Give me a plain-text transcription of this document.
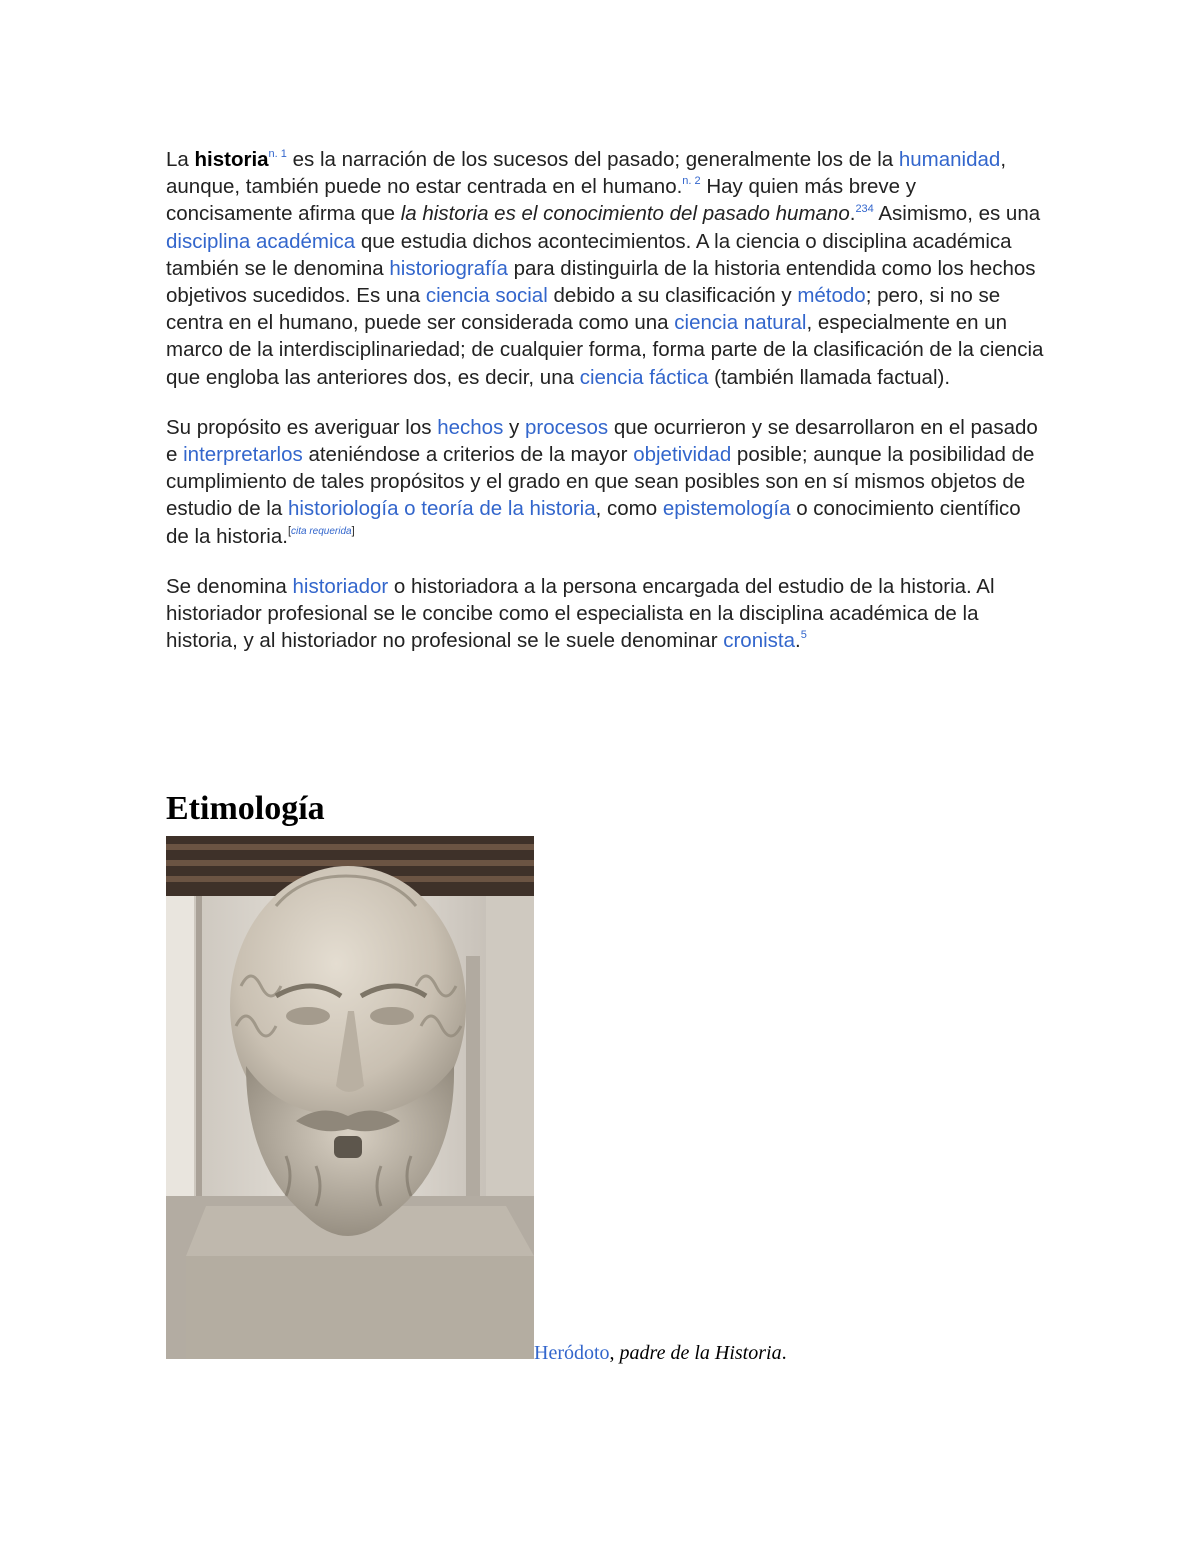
La historia$^{n. 1}$ es la narración de los sucesos del pasado; generalmente los de la humanidad, aunque, también puede no estar centrada en el humano.$^{n. 2}$ Hay quien más breve y concisamente afirma que la historia es el conocimiento del pasado humano.$^{234}$ Asimismo, es una disciplina académica que estudia dichos acontecimientos. A la ciencia o disciplina académica también se le denomina historiografía para distinguirla de la historia entendida como los hechos objetivos sucedidos. Es una ciencia social debido a su clasificación y método; pero, si no se centra en el humano, puede ser considerada como una ciencia natural, especialmente en un marco de la interdisciplinariedad; de cualquier forma, forma parte de la clasificación de la ciencia que engloba las anteriores dos, es decir, una ciencia fáctica (también llamada factual).

Su propósito es averiguar los hechos y procesos que ocurrieron y se desarrollaron en el pasado e interpretarlos ateniéndose a criterios de la mayor objetividad posible; aunque la posibilidad de cumplimiento de tales propósitos y el grado en que sean posibles son en sí mismos objetos de estudio de la historiología o teoría de la historia, como epistemología o conocimiento científico de la historia.[cita requerida]

Se denomina historiador o historiadora a la persona encargada del estudio de la historia. Al historiador profesional se le concibe como el especialista en la disciplina académica de la historia, y al historiador no profesional se le suele denominar cronista.$^5$

Etimología
Heródoto, padre de la Historia.
